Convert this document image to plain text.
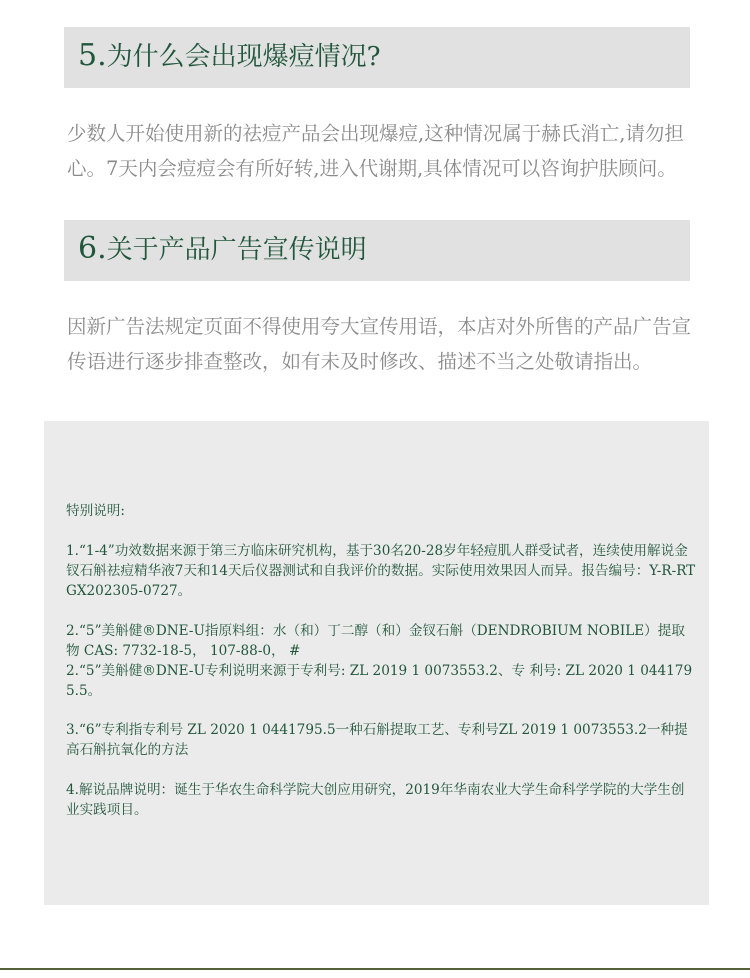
5.为什么会出现爆痘情况?
少数人开始使用新的祛痘产品会出现爆痘,这种情况属于赫氏消亡,请勿担心。7天内会痘痘会有所好转,进入代谢期,具体情况可以咨询护肤顾问。
6.关于产品广告宣传说明
因新广告法规定页面不得使用夸大宣传用语，本店对外所售的产品广告宣传语进行逐步排查整改，如有未及时修改、描述不当之处敬请指出。
特别说明:
1.“1-4”功效数据来源于第三方临床研究机构，基于30名20-28岁年轻痘肌人群受试者，连续使用解说金钗石斛祛痘精华液7天和14天后仪器测试和自我评价的数据。实际使用效果因人而异。报告编号：Y-R-RTGX202305-0727。
2.“5”美斛健®DNE-U指原料组：水（和）丁二醇（和）金钗石斛（DENDROBIUM NOBILE）提取物 CAS: 7732-18-5， 107-88-0， #
2.“5”美斛健®DNE-U专利说明来源于专利号: ZL 2019 1 0073553.2、专 利号: ZL 2020 1 0441795.5。
3.“6”专利指专利号 ZL 2020 1 0441795.5一种石斛提取工艺、专利号ZL 2019 1 0073553.2一种提高石斛抗氧化的方法
4.解说品牌说明：诞生于华农生命科学院大创应用研究，2019年华南农业大学生命科学学院的大学生创业实践项目。
